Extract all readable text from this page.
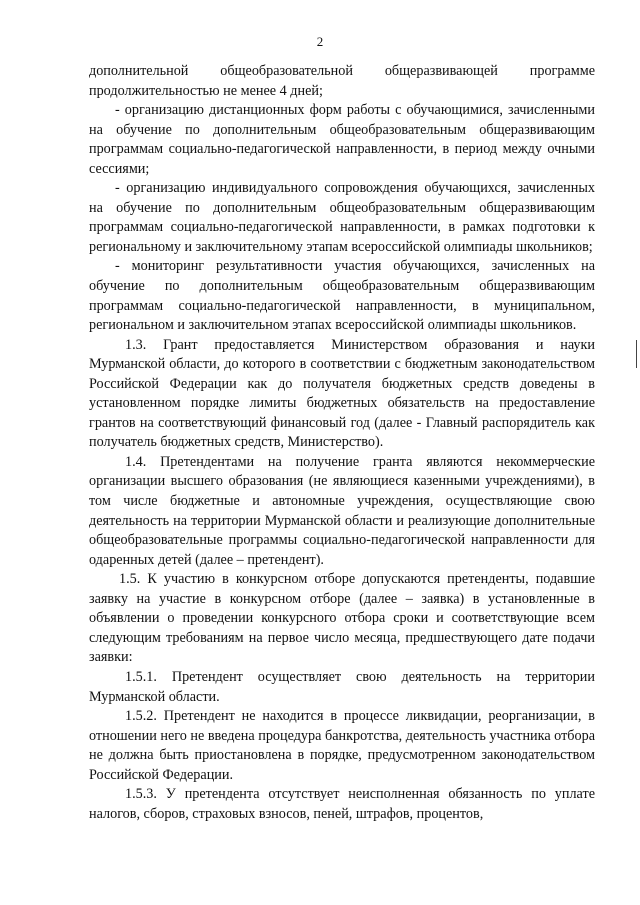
2

дополнительной общеобразовательной общеразвивающей программе продолжительностью не менее 4 дней;

- организацию дистанционных форм работы с обучающимися, зачисленными на обучение по дополнительным общеобразовательным общеразвивающим программам социально-педагогической направленности, в период между очными сессиями;

- организацию индивидуального сопровождения обучающихся, зачисленных на обучение по дополнительным общеобразовательным общеразвивающим программам социально-педагогической направленности, в рамках подготовки к региональному и заключительному этапам всероссийской олимпиады школьников;

- мониторинг результативности участия обучающихся, зачисленных на обучение по дополнительным общеобразовательным общеразвивающим программам социально-педагогической направленности, в муниципальном, региональном и заключительном этапах всероссийской олимпиады школьников.

1.3. Грант предоставляется Министерством образования и науки Мурманской области, до которого в соответствии с бюджетным законодательством Российской Федерации как до получателя бюджетных средств доведены в установленном порядке лимиты бюджетных обязательств на предоставление грантов на соответствующий финансовый год (далее - Главный распорядитель как получатель бюджетных средств, Министерство).

1.4. Претендентами на получение гранта являются некоммерческие организации высшего образования (не являющиеся казенными учреждениями), в том числе бюджетные и автономные учреждения, осуществляющие свою деятельность на территории Мурманской области и реализующие дополнительные общеобразовательные программы социально-педагогической направленности для одаренных детей (далее – претендент).

1.5. К участию в конкурсном отборе допускаются претенденты, подавшие заявку на участие в конкурсном отборе (далее – заявка) в установленные в объявлении о проведении конкурсного отбора сроки и соответствующие всем следующим требованиям на первое число месяца, предшествующего дате подачи заявки:

1.5.1. Претендент осуществляет свою деятельность на территории Мурманской области.

1.5.2. Претендент не находится в процессе ликвидации, реорганизации, в отношении него не введена процедура банкротства, деятельность участника отбора не должна быть приостановлена в порядке, предусмотренном законодательством Российской Федерации.

1.5.3. У претендента отсутствует неисполненная обязанность по уплате налогов, сборов, страховых взносов, пеней, штрафов, процентов,
